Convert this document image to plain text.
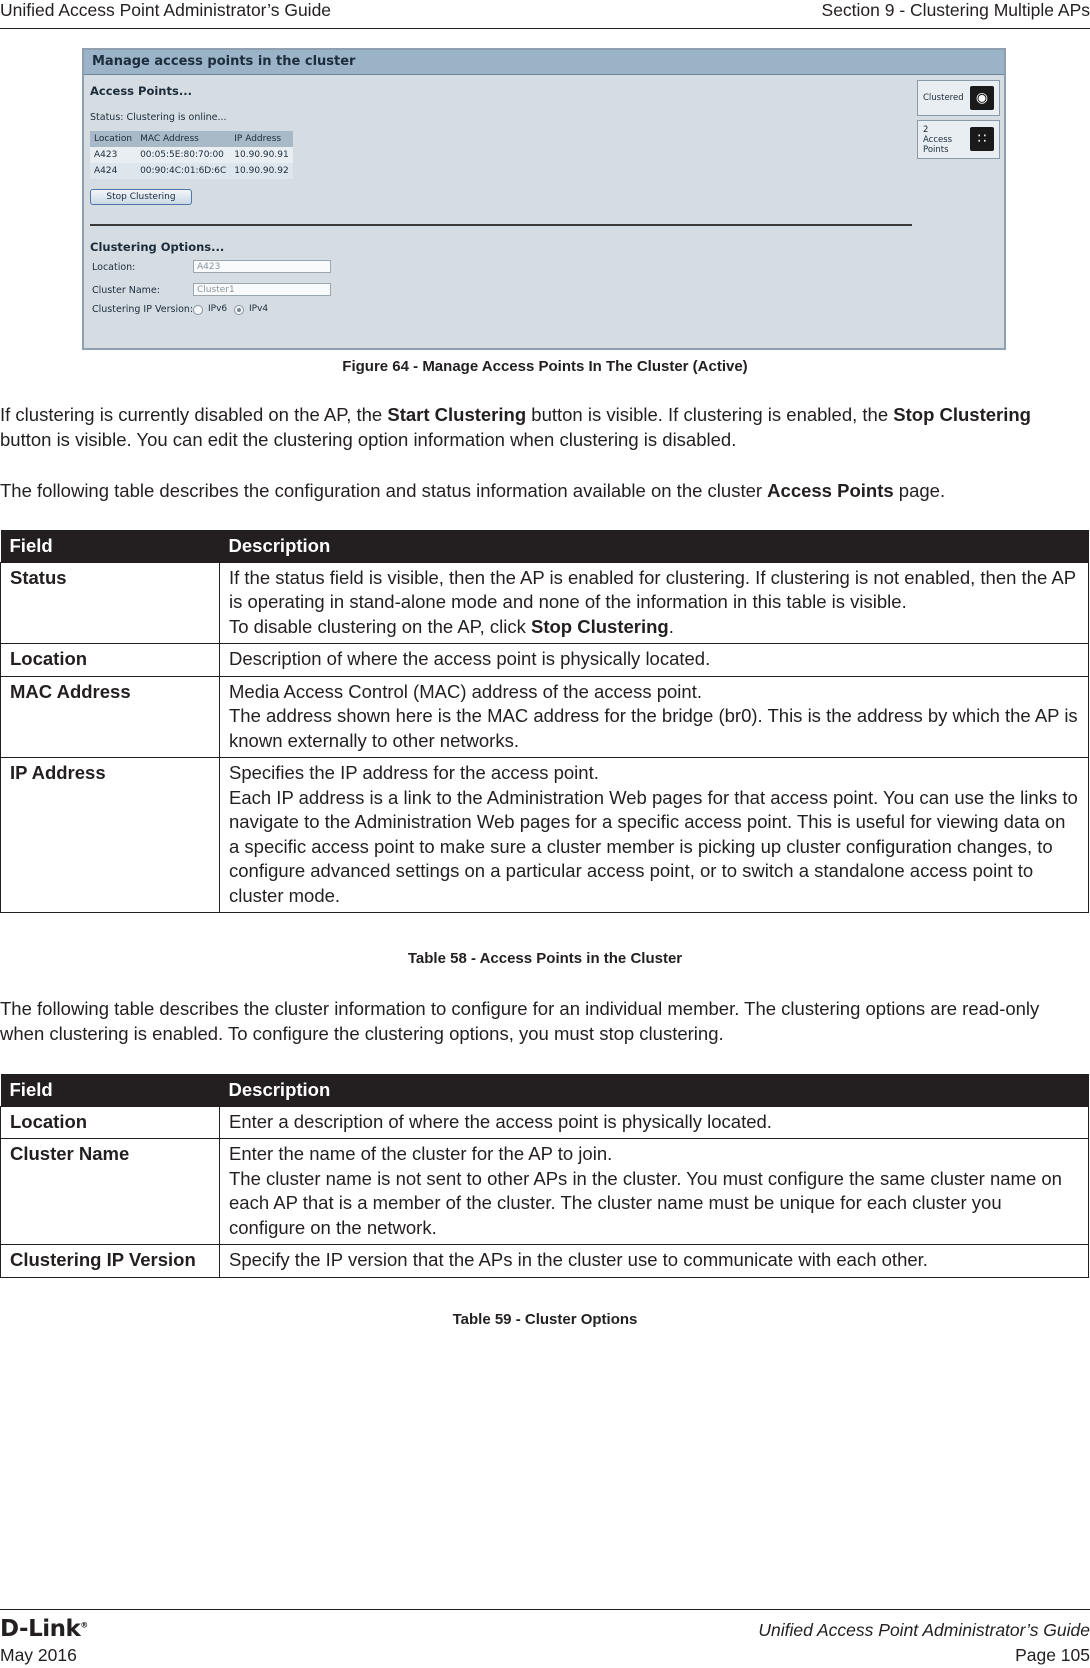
Unified Access Point Administrator’s Guide	Section 9 - Clustering Multiple APs
Manage access points in the cluster
Access Points...
Status: Clustering is online...
Location	MAC Address	IP Address
A423	00:05:5E:80:70:00	10.90.90.91
A424	00:90:4C:01:6D:6C	10.90.90.92
Stop Clustering
Clustering Options...
Location:	A423
Cluster Name:	Cluster1
Clustering IP Version: IPv6 IPv4
Clustered ◉
2
Access
Points
∷
Figure 64 - Manage Access Points In The Cluster (Active)

If clustering is currently disabled on the AP, the Start Clustering button is visible. If clustering is enabled, the Stop Clustering button is visible. You can edit the clustering option information when clustering is disabled.

The following table describes the configuration and status information available on the cluster Access Points page.

Field	Description
Status	If the status field is visible, then the AP is enabled for clustering. If clustering is not enabled, then the AP is operating in stand-alone mode and none of the information in this table is visible.
To disable clustering on the AP, click Stop Clustering.

Location	Description of where the access point is physically located.
MAC Address	Media Access Control (MAC) address of the access point.
The address shown here is the MAC address for the bridge (br0). This is the address by which the AP is known externally to other networks.

IP Address	Specifies the IP address for the access point.
Each IP address is a link to the Administration Web pages for that access point. You can use the links to navigate to the Administration Web pages for a specific access point. This is useful for viewing data on a specific access point to make sure a cluster member is picking up cluster configuration changes, to configure advanced settings on a particular access point, or to switch a standalone access point to cluster mode.
Table 58 - Access Points in the Cluster

The following table describes the cluster information to configure for an individual member. The clustering options are read-only when clustering is enabled. To configure the clustering options, you must stop clustering.

Field	Description
Location	Enter a description of where the access point is physically located.
Cluster Name	Enter the name of the cluster for the AP to join.
The cluster name is not sent to other APs in the cluster. You must configure the same cluster name on each AP that is a member of the cluster. The cluster name must be unique for each cluster you configure on the network.

Clustering IP Version	Specify the IP version that the APs in the cluster use to communicate with each other.
Table 59 - Cluster Options
D-Link®
May 2016
Unified Access Point Administrator’s Guide
Page 105
